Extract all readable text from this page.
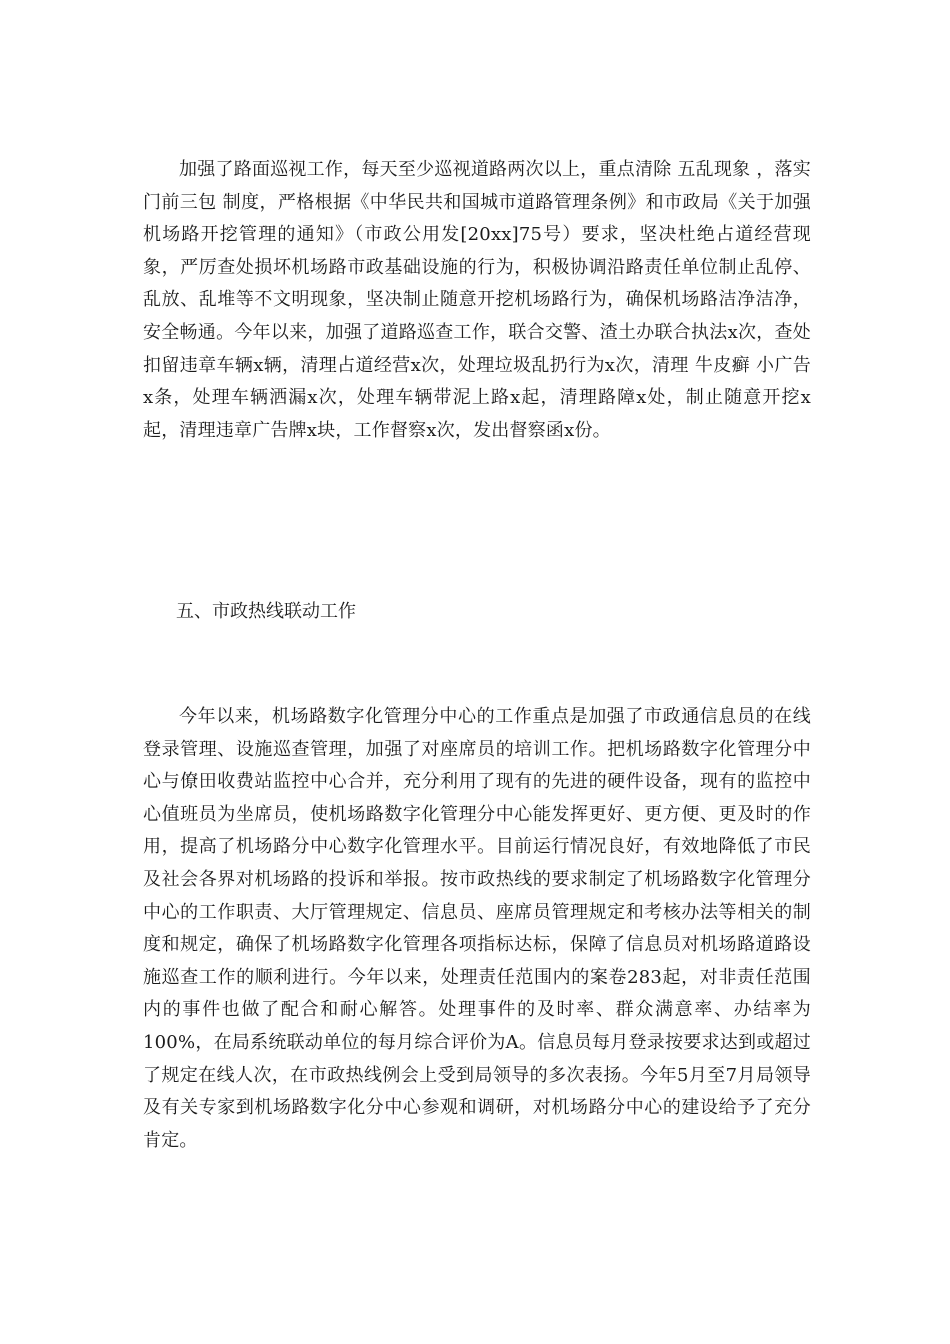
加强了路面巡视工作，每天至少巡视道路两次以上，重点清除 五乱现象 ，落实 门前三包 制度，严格根据《中华民共和国城市道路管理条例》和市政局《关于加强机场路开挖管理的通知》（市政公用发[20xx]75号）要求，坚决杜绝占道经营现象，严厉查处损坏机场路市政基础设施的行为，积极协调沿路责任单位制止乱停、乱放、乱堆等不文明现象，坚决制止随意开挖机场路行为，确保机场路洁净洁净，安全畅通。今年以来，加强了道路巡查工作，联合交警、渣土办联合执法x次，查处扣留违章车辆x辆，清理占道经营x次，处理垃圾乱扔行为x次，清理 牛皮癣 小广告x条，处理车辆洒漏x次，处理车辆带泥上路x起，清理路障x处，制止随意开挖x起，清理违章广告牌x块，工作督察x次，发出督察函x份。

五、市政热线联动工作

今年以来，机场路数字化管理分中心的工作重点是加强了市政通信息员的在线登录管理、设施巡查管理，加强了对座席员的培训工作。把机场路数字化管理分中心与僚田收费站监控中心合并，充分利用了现有的先进的硬件设备，现有的监控中心值班员为坐席员，使机场路数字化管理分中心能发挥更好、更方便、更及时的作用，提高了机场路分中心数字化管理水平。目前运行情况良好，有效地降低了市民及社会各界对机场路的投诉和举报。按市政热线的要求制定了机场路数字化管理分中心的工作职责、大厅管理规定、信息员、座席员管理规定和考核办法等相关的制度和规定，确保了机场路数字化管理各项指标达标，保障了信息员对机场路道路设施巡查工作的顺利进行。今年以来，处理责任范围内的案卷283起，对非责任范围内的事件也做了配合和耐心解答。处理事件的及时率、群众满意率、办结率为100%，在局系统联动单位的每月综合评价为A。信息员每月登录按要求达到或超过了规定在线人次，在市政热线例会上受到局领导的多次表扬。今年5月至7月局领导及有关专家到机场路数字化分中心参观和调研，对机场路分中心的建设给予了充分肯定。
